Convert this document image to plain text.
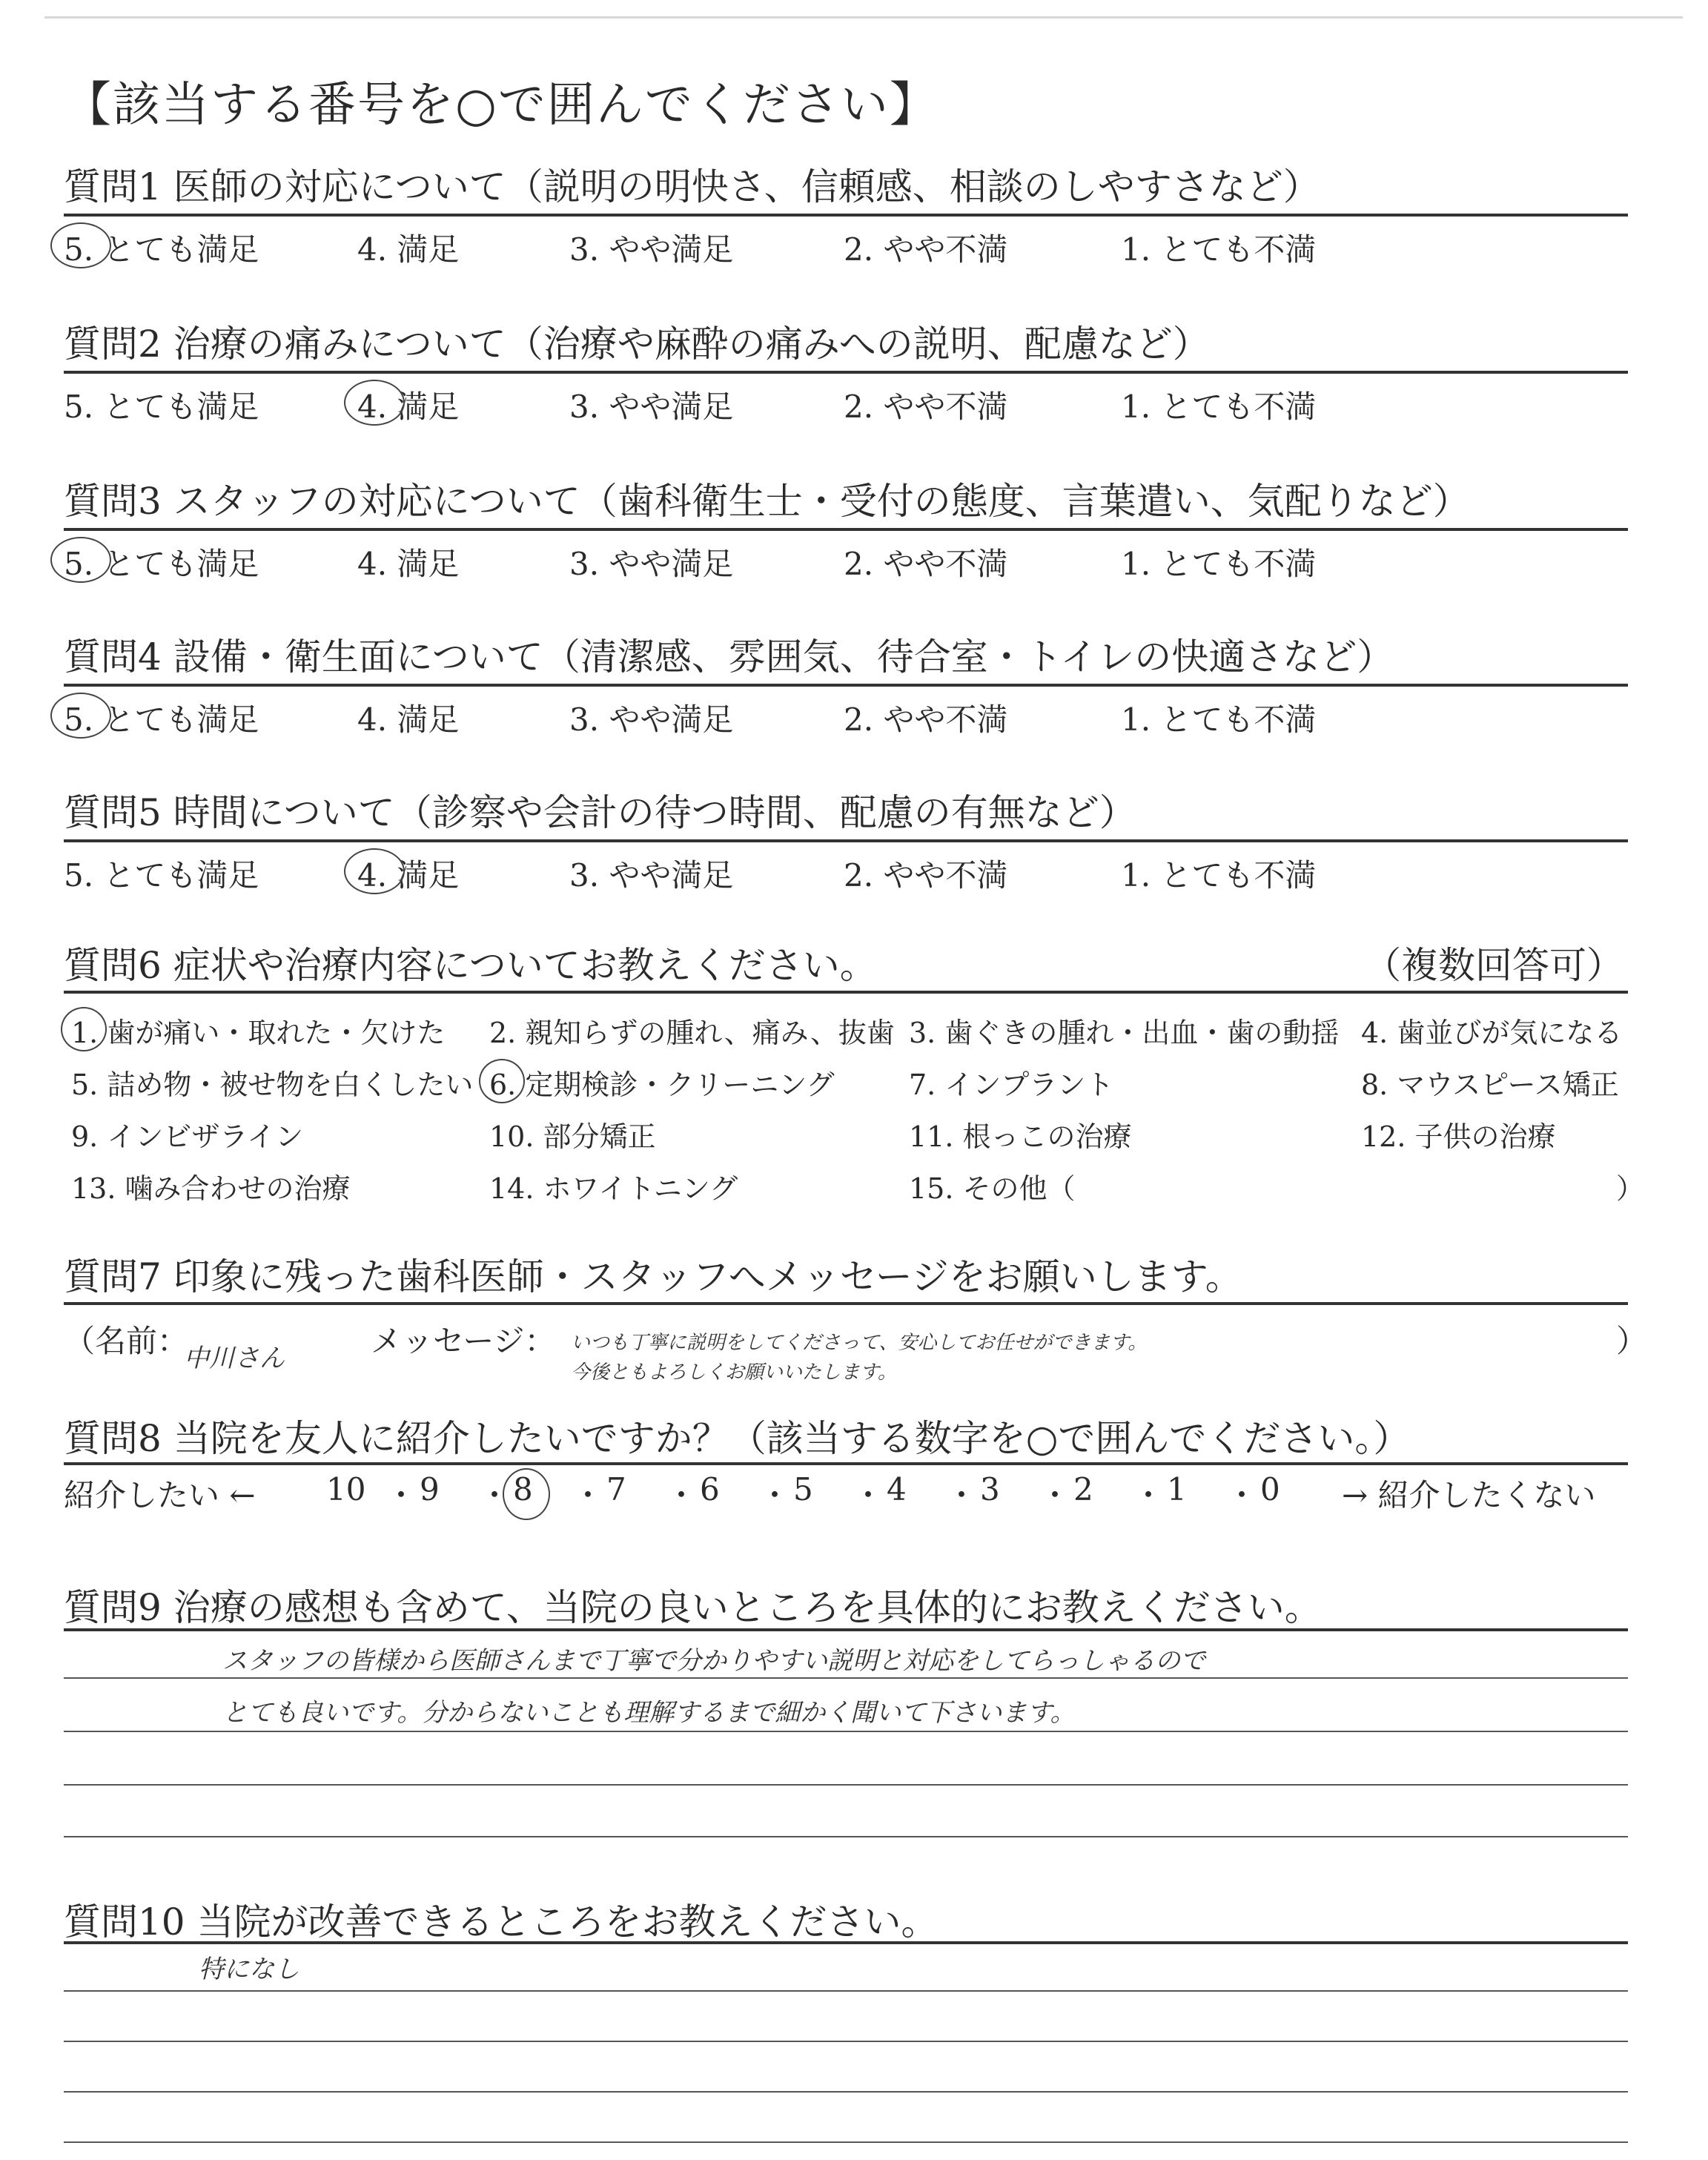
【該当する番号を○で囲んでください】
質問1 医師の対応について（説明の明快さ、信頼感、相談のしやすさなど）
5. とても満足	4. 満足	3. やや満足	2. やや不満	1. とても不満
質問2 治療の痛みについて（治療や麻酔の痛みへの説明、配慮など）
5. とても満足	4. 満足	3. やや満足	2. やや不満	1. とても不満
質問3 スタッフの対応について（歯科衛生士・受付の態度、言葉遣い、気配りなど）
5. とても満足	4. 満足	3. やや満足	2. やや不満	1. とても不満
質問4 設備・衛生面について（清潔感、雰囲気、待合室・トイレの快適さなど）
5. とても満足	4. 満足	3. やや満足	2. やや不満	1. とても不満
質問5 時間について（診察や会計の待つ時間、配慮の有無など）
5. とても満足	4. 満足	3. やや満足	2. やや不満	1. とても不満
質問6 症状や治療内容についてお教えください。	（複数回答可）
1. 歯が痛い・取れた・欠けた 2. 親知らずの腫れ、痛み、抜歯 3. 歯ぐきの腫れ・出血・歯の動揺 4. 歯並びが気になる
5. 詰め物・被せ物を白くしたい 6. 定期検診・クリーニング	7. インプラント	8. マウスピース矯正
9. インビザライン	10. 部分矯正	11. 根っこの治療	12. 子供の治療
13. 噛み合わせの治療	14. ホワイトニング	15. その他（	）
質問7 印象に残った歯科医師・スタッフへメッセージをお願いします。
（名前：
中川さん	メッセージ： いつも丁寧に説明をしてくださって、安心してお任せができます。
今後ともよろしくお願いいたします。
）
質問8 当院を友人に紹介したいですか？（該当する数字を○で囲んでください。）
紹介したい ← 10 ・ 9 ・ 8 ・ 7 ・ 6 ・ 5 ・ 4 ・ 3 ・ 2 ・ 1 ・ 0 → 紹介したくない
質問9 治療の感想も含めて、当院の良いところを具体的にお教えください。
スタッフの皆様から医師さんまで丁寧で分かりやすい説明と対応をしてらっしゃるので
とても良いです。分からないことも理解するまで細かく聞いて下さいます。
質問10 当院が改善できるところをお教えください。
特になし
